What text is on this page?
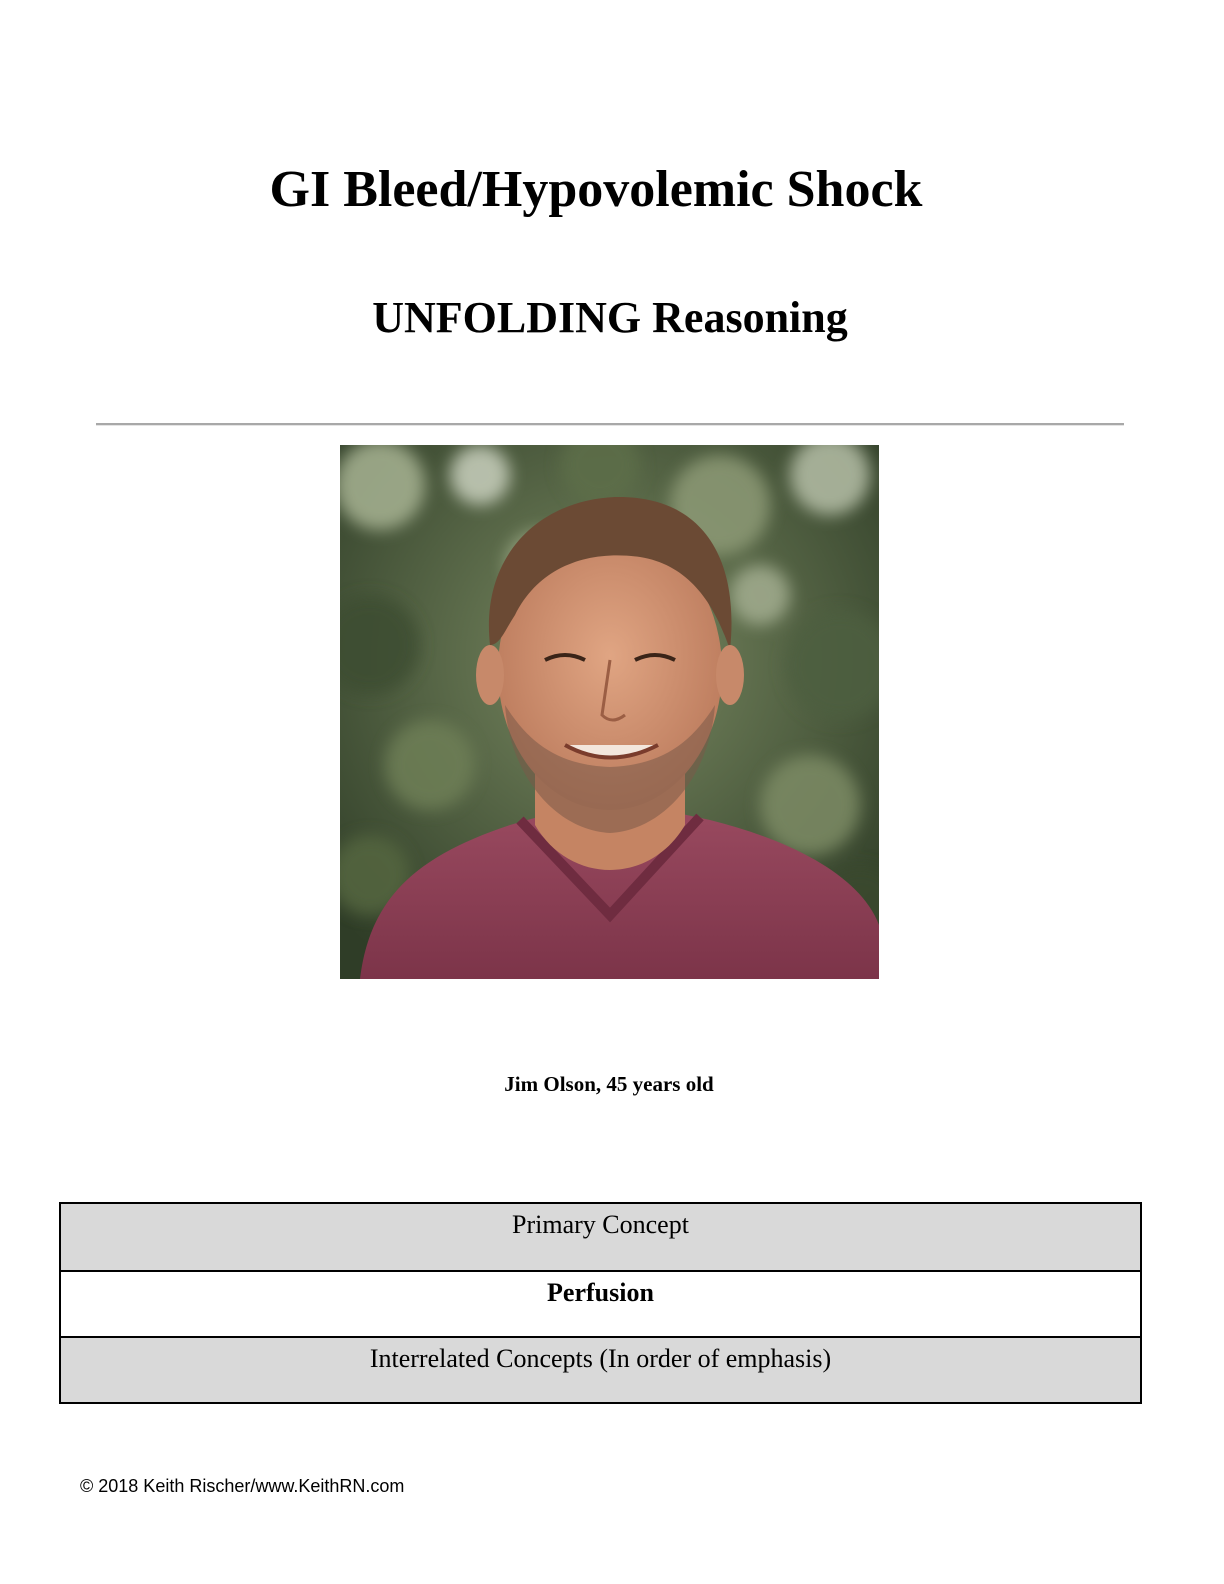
GI Bleed/Hypovolemic Shock
UNFOLDING Reasoning
Jim Olson, 45 years old
Primary Concept
Perfusion
Interrelated Concepts (In order of emphasis)
© 2018 Keith Rischer/www.KeithRN.com
